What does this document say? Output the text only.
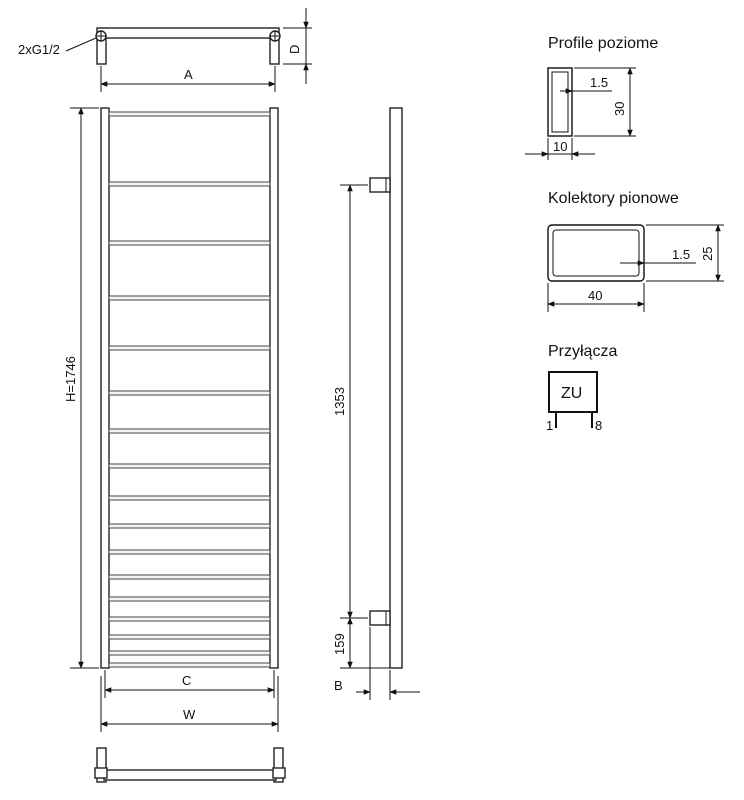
2xG1/2	D
A
H=1746
C
W
1353
159
B
Profile poziome
1.5
30
10
Kolektory pionowe
1.5 25
40
Przyłącza
ZU
1	8
